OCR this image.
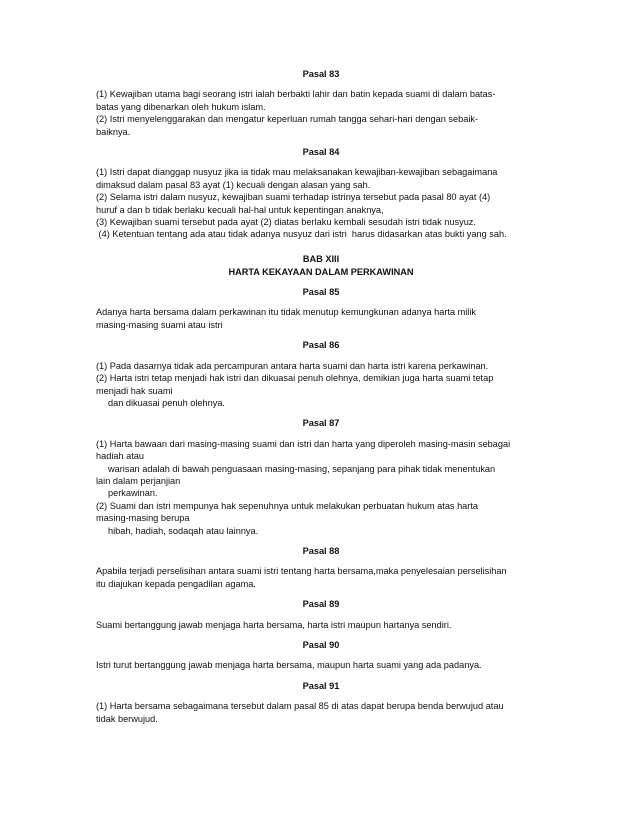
Pasal 83

(1) Kewajiban utama bagi seorang istri ialah berbakti lahir dan batin kepada suami di dalam batas-

batas yang dibenarkan oleh hukum islam.

(2) Istri menyelenggarakan dan mengatur keperluan rumah tangga sehari-hari dengan sebaik-

baiknya.

Pasal 84

(1) Istri dapat dianggap nusyuz jika ia tidak mau melaksanakan kewajiban-kewajiban sebagaimana

dimaksud dalam pasal 83 ayat (1) kecuali dengan alasan yang sah.

(2) Selama istri dalam nusyuz, kewajiban suami terhadap istrinya tersebut pada pasal 80 ayat (4)

huruf a dan b tidak berlaku kecuali hal-hal untuk kepentingan anaknya,

(3) Kewajiban suami tersebut pada ayat (2) diatas berlaku kembali sesudah istri tidak nusyuz.

(4) Ketentuan tentang ada atau tidak adanya nusyuz dari istri  harus didasarkan atas bukti yang sah.

BAB XIII

HARTA KEKAYAAN DALAM PERKAWINAN

Pasal 85

Adanya harta bersama dalam perkawinan itu tidak menutup kemungkunan adanya harta milik

masing-masing suami atau istri

Pasal 86

(1) Pada dasarnya tidak ada percampuran antara harta suami dan harta istri karena perkawinan.

(2) Harta istri tetap menjadi hak istri dan dikuasai penuh olehnya, demikian juga harta suami tetap

menjadi hak suami

dan dikuasai penuh olehnya.

Pasal 87

(1) Harta bawaan dari masing-masing suami dan istri dan harta yang diperoleh masing-masin sebagai

hadiah atau

warisan adalah di bawah penguasaan masing-masing, sepanjang para pihak tidak menentukan

lain dalam perjanjian

perkawinan.

(2) Suami dan istri mempunya hak sepenuhnya untuk melakukan perbuatan hukum atas harta

masing-masing berupa

hibah, hadiah, sodaqah atau lainnya.

Pasal 88

Apabila terjadi perselisihan antara suami istri tentang harta bersama,maka penyelesaian perselisihan

itu diajukan kepada pengadilan agama.

Pasal 89

Suami bertanggung jawab menjaga harta bersama, harta istri maupun hartanya sendiri.

Pasal 90

Istri turut bertanggung jawab menjaga harta bersama, maupun harta suami yang ada padanya.

Pasal 91

(1) Harta bersama sebagaimana tersebut dalam pasal 85 di atas dapat berupa benda berwujud atau

tidak berwujud.
